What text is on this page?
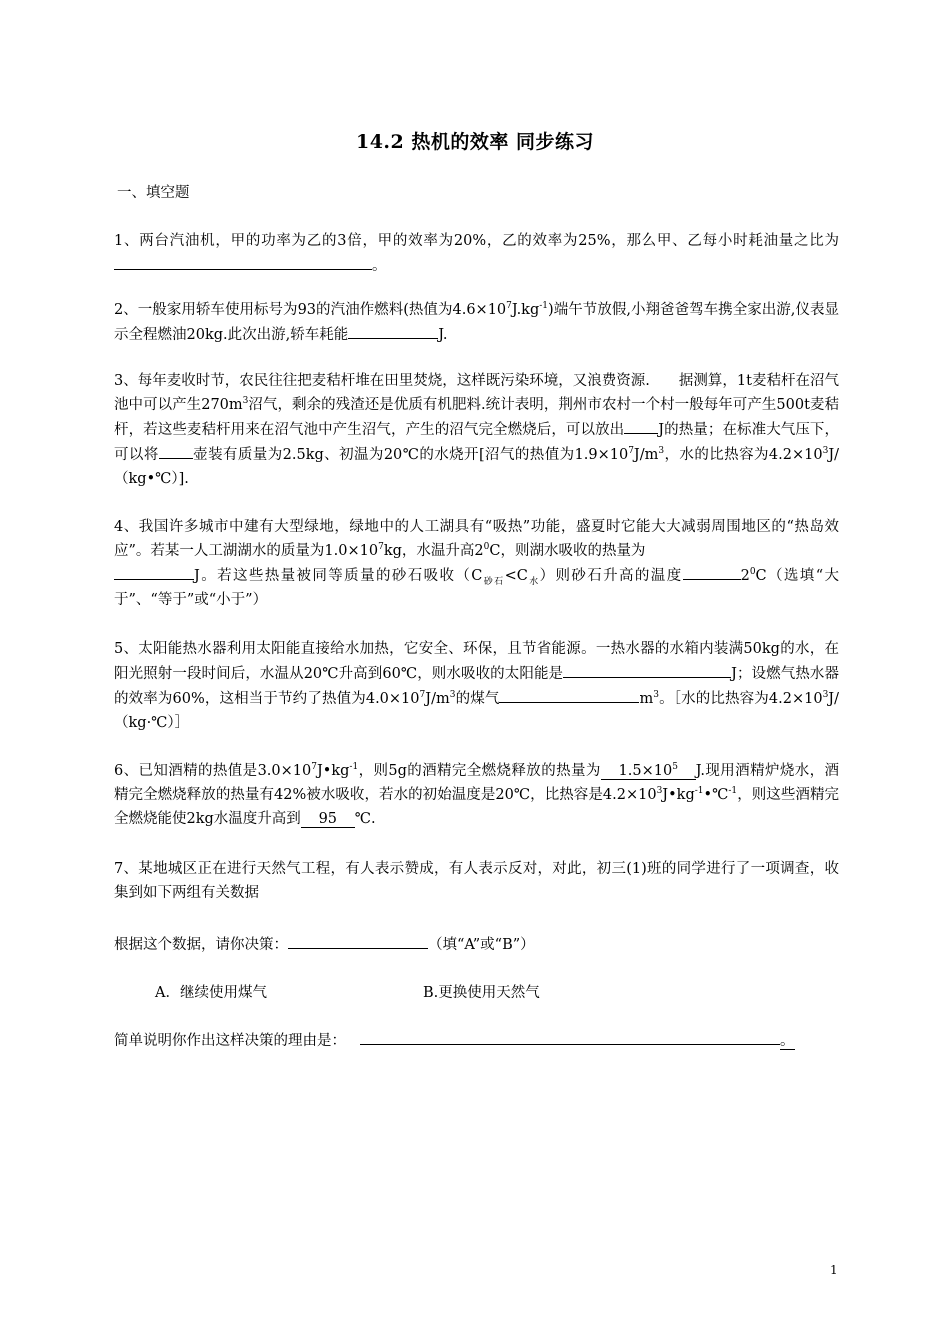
14.2 热机的效率 同步练习
一、填空题
1、两台汽油机，甲的功率为乙的3倍，甲的效率为20%，乙的效率为25%，那么甲、乙每小时耗油量之比为。
2、一般家用轿车使用标号为93的汽油作燃料(热值为$4.6\times 10^7J.kg^{-1}$)端午节放假,小翔爸爸驾车携全家出游,仪表显示全程燃油20kg.此次出游,轿车耗能	J.
3、每年麦收时节，农民往往把麦秸杆堆在田里焚烧，这样既污染环境，又浪费资源.　　据测算，1t麦秸杆在沼气池中可以产生$270m^3$沼气，剩余的残渣还是优质有机肥料.统计表明，荆州市农村一个村一般每年可产生500t麦秸杆，若这些麦秸杆用来在沼气池中产生沼气，产生的沼气完全燃烧后，可以放出 J的热量；在标准大气压下，可以将 壶装有质量为2.5kg、初温为20℃的水烧开[沼气的热值为$1.9\times 10^7J/m^3$，水的比热容为$4.2\times 10^3J/(kg•℃)$].
4、我国许多城市中建有大型绿地，绿地中的人工湖具有“吸热”功能，盛夏时它能大大减弱周围地区的“热岛效应”。若某一人工湖湖水的质量为$1.0\times 10^7kg$，水温升高$2^0C$，则湖水吸收的热量为
J。若这些热量被同等质量的砂石吸收$(C_{砂石}<C_水)$则砂石升高的温度	$2^0C$（选填“大于”、“等于”或“小于”）
5、太阳能热水器利用太阳能直接给水加热，它安全、环保，且节省能源。一热水器的水箱内装满50kg的水，在阳光照射一段时间后，水温从20℃升高到60℃，则水吸收的太阳能是	J；设燃气热水器的效率为60%，这相当于节约了热值为$4.0\times 10^7J/m^3$的煤气	$m^3$。［水的比热容为$4.2\times 10^3J/(kg\cdot℃)]$
6、已知酒精的热值是$3.0\times 10^7J•kg^{-1}$，则5g的酒精完全燃烧释放的热量为 $1.5\times 10^5$ J.现用酒精炉烧水，酒精完全燃烧释放的热量有42%被水吸收，若水的初始温度是20℃，比热容是$4.2\times 10^3J•kg^{-1}•℃^{-1}$，则这些酒精完全燃烧能使2kg水温度升高到 95 ℃.
7、某地城区正在进行天然气工程，有人表示赞成，有人表示反对，对此，初三(1)班的同学进行了一项调查，收集到如下两组有关数据
根据这个数据，请你决策：	（填“A”或“B”）
A．继续使用煤气	B.更换使用天然气
简单说明你作出这样决策的理由是：	。
1
